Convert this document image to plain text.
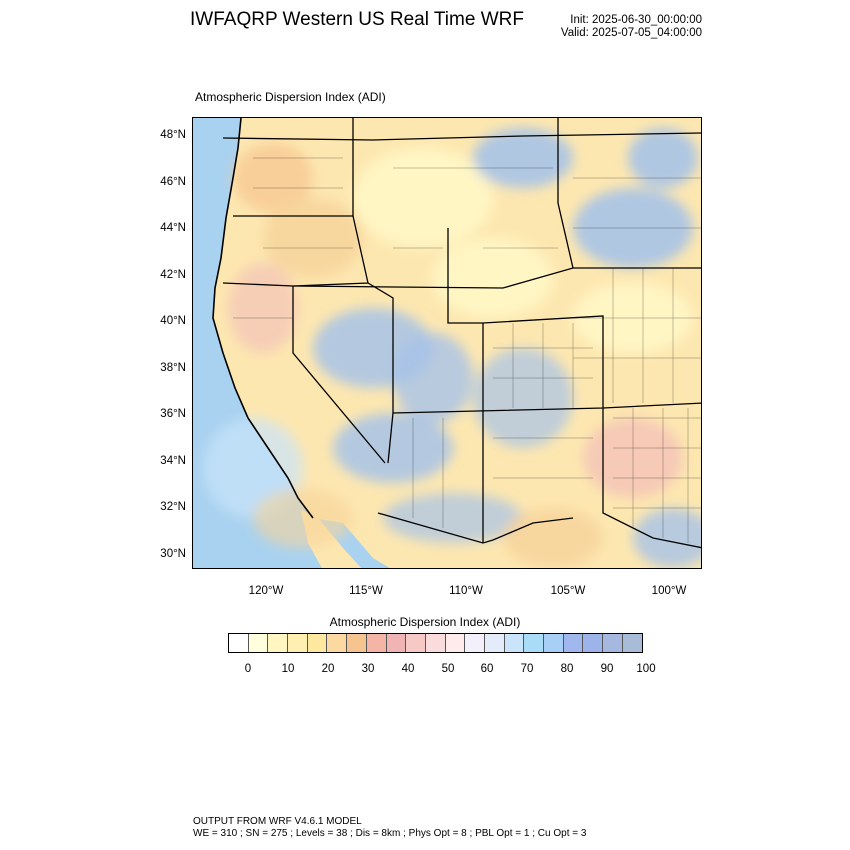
IWFAQRP Western US Real Time WRF	Init: 2025-06-30_00:00:00
Valid: 2025-07-05_04:00:00
Atmospheric Dispersion Index (ADI)
48°N
46°N
44°N
42°N
40°N
38°N
36°N
34°N
32°N
30°N
120°W	115°W	110°W	105°W	100°W
Atmospheric Dispersion Index (ADI)
0	10 20 30 40 50 60 70 80 90 100
OUTPUT FROM WRF V4.6.1 MODEL
WE = 310 ; SN = 275 ; Levels = 38 ; Dis = 8km ; Phys Opt = 8 ; PBL Opt = 1 ; Cu Opt = 3
